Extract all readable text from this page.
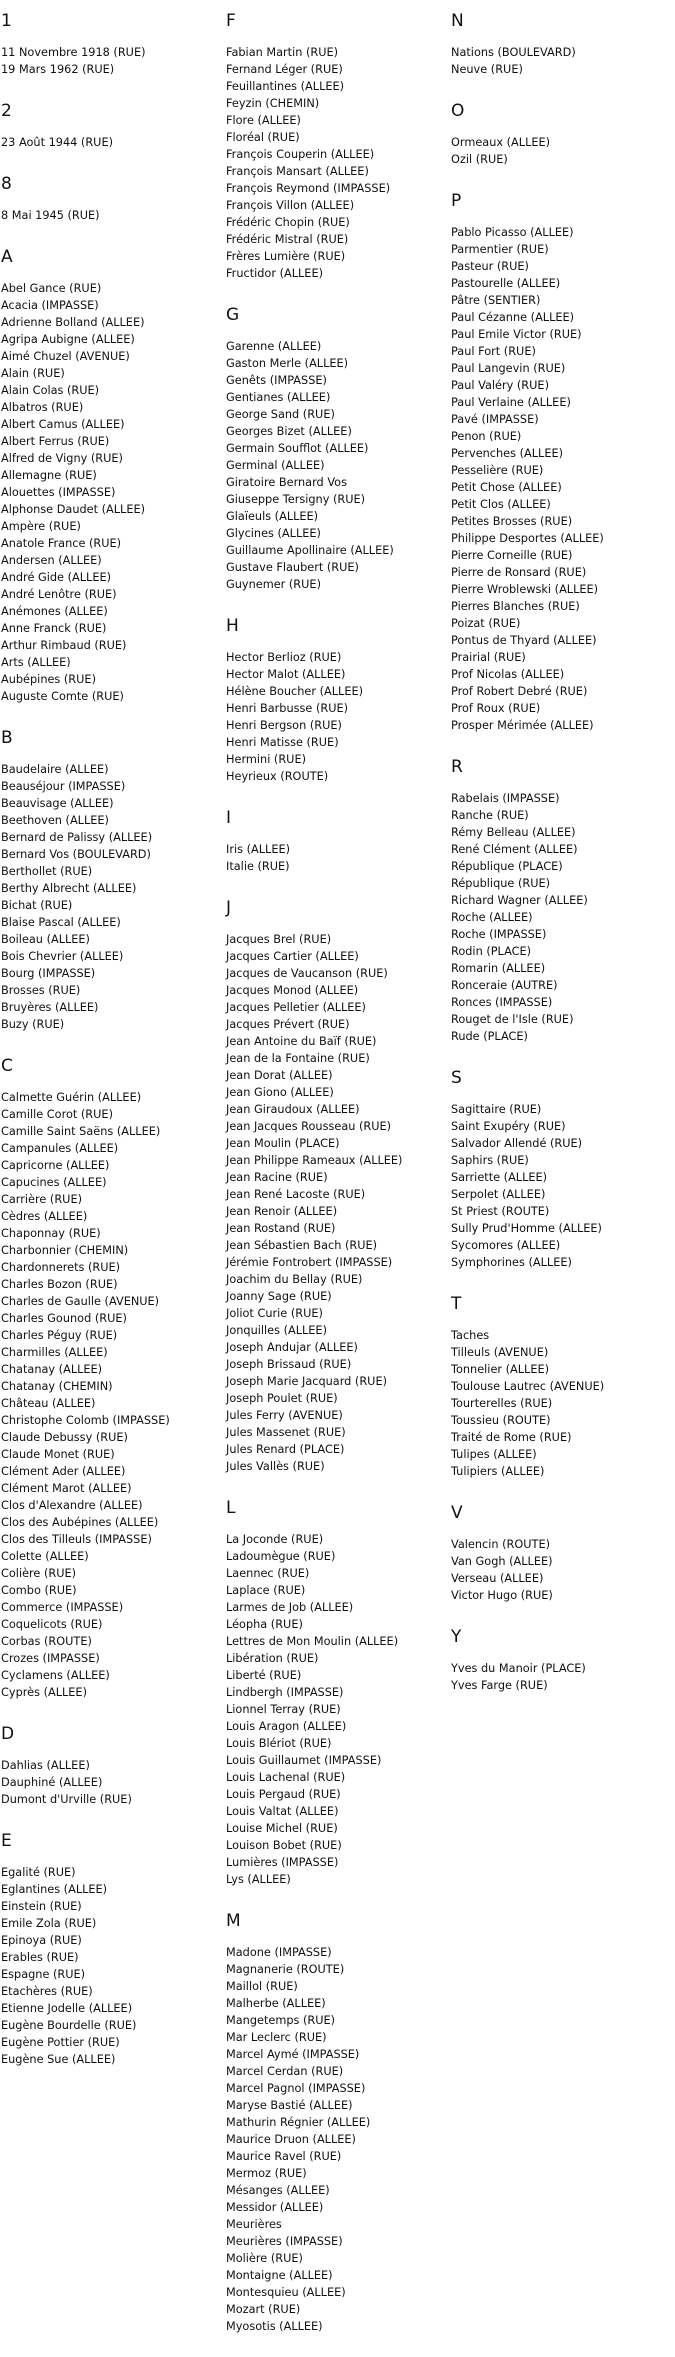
1
11 Novembre 1918 (RUE)
19 Mars 1962 (RUE)
2
23 Août 1944 (RUE)
8
8 Mai 1945 (RUE)
A
Abel Gance (RUE)
Acacia (IMPASSE)
Adrienne Bolland (ALLEE)
Agripa Aubigne (ALLEE)
Aimé Chuzel (AVENUE)
Alain (RUE)
Alain Colas (RUE)
Albatros (RUE)
Albert Camus (ALLEE)
Albert Ferrus (RUE)
Alfred de Vigny (RUE)
Allemagne (RUE)
Alouettes (IMPASSE)
Alphonse Daudet (ALLEE)
Ampère (RUE)
Anatole France (RUE)
Andersen (ALLEE)
André Gide (ALLEE)
André Lenôtre (RUE)
Anémones (ALLEE)
Anne Franck (RUE)
Arthur Rimbaud (RUE)
Arts (ALLEE)
Aubépines (RUE)
Auguste Comte (RUE)
B
Baudelaire (ALLEE)
Beauséjour (IMPASSE)
Beauvisage (ALLEE)
Beethoven (ALLEE)
Bernard de Palissy (ALLEE)
Bernard Vos (BOULEVARD)
Berthollet (RUE)
Berthy Albrecht (ALLEE)
Bichat (RUE)
Blaise Pascal (ALLEE)
Boileau (ALLEE)
Bois Chevrier (ALLEE)
Bourg (IMPASSE)
Brosses (RUE)
Bruyères (ALLEE)
Buzy (RUE)
C
Calmette Guérin (ALLEE)
Camille Corot (RUE)
Camille Saint Saëns (ALLEE)
Campanules (ALLEE)
Capricorne (ALLEE)
Capucines (ALLEE)
Carrière (RUE)
Cèdres (ALLEE)
Chaponnay (RUE)
Charbonnier (CHEMIN)
Chardonnerets (RUE)
Charles Bozon (RUE)
Charles de Gaulle (AVENUE)
Charles Gounod (RUE)
Charles Péguy (RUE)
Charmilles (ALLEE)
Chatanay (ALLEE)
Chatanay (CHEMIN)
Château (ALLEE)
Christophe Colomb (IMPASSE)
Claude Debussy (RUE)
Claude Monet (RUE)
Clément Ader (ALLEE)
Clément Marot (ALLEE)
Clos d'Alexandre (ALLEE)
Clos des Aubépines (ALLEE)
Clos des Tilleuls (IMPASSE)
Colette (ALLEE)
Colière (RUE)
Combo (RUE)
Commerce (IMPASSE)
Coquelicots (RUE)
Corbas (ROUTE)
Crozes (IMPASSE)
Cyclamens (ALLEE)
Cyprès (ALLEE)
D
Dahlias (ALLEE)
Dauphiné (ALLEE)
Dumont d'Urville (RUE)
E
Egalité (RUE)
Eglantines (ALLEE)
Einstein (RUE)
Emile Zola (RUE)
Epinoya (RUE)
Erables (RUE)
Espagne (RUE)
Etachères (RUE)
Etienne Jodelle (ALLEE)
Eugène Bourdelle (RUE)
Eugène Pottier (RUE)
Eugène Sue (ALLEE)
F
Fabian Martin (RUE)
Fernand Léger (RUE)
Feuillantines (ALLEE)
Feyzin (CHEMIN)
Flore (ALLEE)
Floréal (RUE)
François Couperin (ALLEE)
François Mansart (ALLEE)
François Reymond (IMPASSE)
François Villon (ALLEE)
Frédéric Chopin (RUE)
Frédéric Mistral (RUE)
Frères Lumière (RUE)
Fructidor (ALLEE)
G
Garenne (ALLEE)
Gaston Merle (ALLEE)
Genêts (IMPASSE)
Gentianes (ALLEE)
George Sand (RUE)
Georges Bizet (ALLEE)
Germain Soufflot (ALLEE)
Germinal (ALLEE)
Giratoire Bernard Vos
Giuseppe Tersigny (RUE)
Glaïeuls (ALLEE)
Glycines (ALLEE)
Guillaume Apollinaire (ALLEE)
Gustave Flaubert (RUE)
Guynemer (RUE)
H
Hector Berlioz (RUE)
Hector Malot (ALLEE)
Hélène Boucher (ALLEE)
Henri Barbusse (RUE)
Henri Bergson (RUE)
Henri Matisse (RUE)
Hermini (RUE)
Heyrieux (ROUTE)
I
Iris (ALLEE)
Italie (RUE)
J
Jacques Brel (RUE)
Jacques Cartier (ALLEE)
Jacques de Vaucanson (RUE)
Jacques Monod (ALLEE)
Jacques Pelletier (ALLEE)
Jacques Prévert (RUE)
Jean Antoine du Baïf (RUE)
Jean de la Fontaine (RUE)
Jean Dorat (ALLEE)
Jean Giono (ALLEE)
Jean Giraudoux (ALLEE)
Jean Jacques Rousseau (RUE)
Jean Moulin (PLACE)
Jean Philippe Rameaux (ALLEE)
Jean Racine (RUE)
Jean René Lacoste (RUE)
Jean Renoir (ALLEE)
Jean Rostand (RUE)
Jean Sébastien Bach (RUE)
Jérémie Fontrobert (IMPASSE)
Joachim du Bellay (RUE)
Joanny Sage (RUE)
Joliot Curie (RUE)
Jonquilles (ALLEE)
Joseph Andujar (ALLEE)
Joseph Brissaud (RUE)
Joseph Marie Jacquard (RUE)
Joseph Poulet (RUE)
Jules Ferry (AVENUE)
Jules Massenet (RUE)
Jules Renard (PLACE)
Jules Vallès (RUE)
L
La Joconde (RUE)
Ladoumègue (RUE)
Laennec (RUE)
Laplace (RUE)
Larmes de Job (ALLEE)
Léopha (RUE)
Lettres de Mon Moulin (ALLEE)
Libération (RUE)
Liberté (RUE)
Lindbergh (IMPASSE)
Lionnel Terray (RUE)
Louis Aragon (ALLEE)
Louis Blériot (RUE)
Louis Guillaumet (IMPASSE)
Louis Lachenal (RUE)
Louis Pergaud (RUE)
Louis Valtat (ALLEE)
Louise Michel (RUE)
Louison Bobet (RUE)
Lumières (IMPASSE)
Lys (ALLEE)
M
Madone (IMPASSE)
Magnanerie (ROUTE)
Maillol (RUE)
Malherbe (ALLEE)
Mangetemps (RUE)
Mar Leclerc (RUE)
Marcel Aymé (IMPASSE)
Marcel Cerdan (RUE)
Marcel Pagnol (IMPASSE)
Maryse Bastié (ALLEE)
Mathurin Régnier (ALLEE)
Maurice Druon (ALLEE)
Maurice Ravel (RUE)
Mermoz (RUE)
Mésanges (ALLEE)
Messidor (ALLEE)
Meurières
Meurières (IMPASSE)
Molière (RUE)
Montaigne (ALLEE)
Montesquieu (ALLEE)
Mozart (RUE)
Myosotis (ALLEE)
N
Nations (BOULEVARD)
Neuve (RUE)
O
Ormeaux (ALLEE)
Ozil (RUE)
P
Pablo Picasso (ALLEE)
Parmentier (RUE)
Pasteur (RUE)
Pastourelle (ALLEE)
Pâtre (SENTIER)
Paul Cézanne (ALLEE)
Paul Emile Victor (RUE)
Paul Fort (RUE)
Paul Langevin (RUE)
Paul Valéry (RUE)
Paul Verlaine (ALLEE)
Pavé (IMPASSE)
Penon (RUE)
Pervenches (ALLEE)
Pesselière (RUE)
Petit Chose (ALLEE)
Petit Clos (ALLEE)
Petites Brosses (RUE)
Philippe Desportes (ALLEE)
Pierre Corneille (RUE)
Pierre de Ronsard (RUE)
Pierre Wroblewski (ALLEE)
Pierres Blanches (RUE)
Poizat (RUE)
Pontus de Thyard (ALLEE)
Prairial (RUE)
Prof Nicolas (ALLEE)
Prof Robert Debré (RUE)
Prof Roux (RUE)
Prosper Mérimée (ALLEE)
R
Rabelais (IMPASSE)
Ranche (RUE)
Rémy Belleau (ALLEE)
René Clément (ALLEE)
République (PLACE)
République (RUE)
Richard Wagner (ALLEE)
Roche (ALLEE)
Roche (IMPASSE)
Rodin (PLACE)
Romarin (ALLEE)
Ronceraie (AUTRE)
Ronces (IMPASSE)
Rouget de l'Isle (RUE)
Rude (PLACE)
S
Sagittaire (RUE)
Saint Exupéry (RUE)
Salvador Allendé (RUE)
Saphirs (RUE)
Sarriette (ALLEE)
Serpolet (ALLEE)
St Priest (ROUTE)
Sully Prud'Homme (ALLEE)
Sycomores (ALLEE)
Symphorines (ALLEE)
T
Taches
Tilleuls (AVENUE)
Tonnelier (ALLEE)
Toulouse Lautrec (AVENUE)
Tourterelles (RUE)
Toussieu (ROUTE)
Traité de Rome (RUE)
Tulipes (ALLEE)
Tulipiers (ALLEE)
V
Valencin (ROUTE)
Van Gogh (ALLEE)
Verseau (ALLEE)
Victor Hugo (RUE)
Y
Yves du Manoir (PLACE)
Yves Farge (RUE)
